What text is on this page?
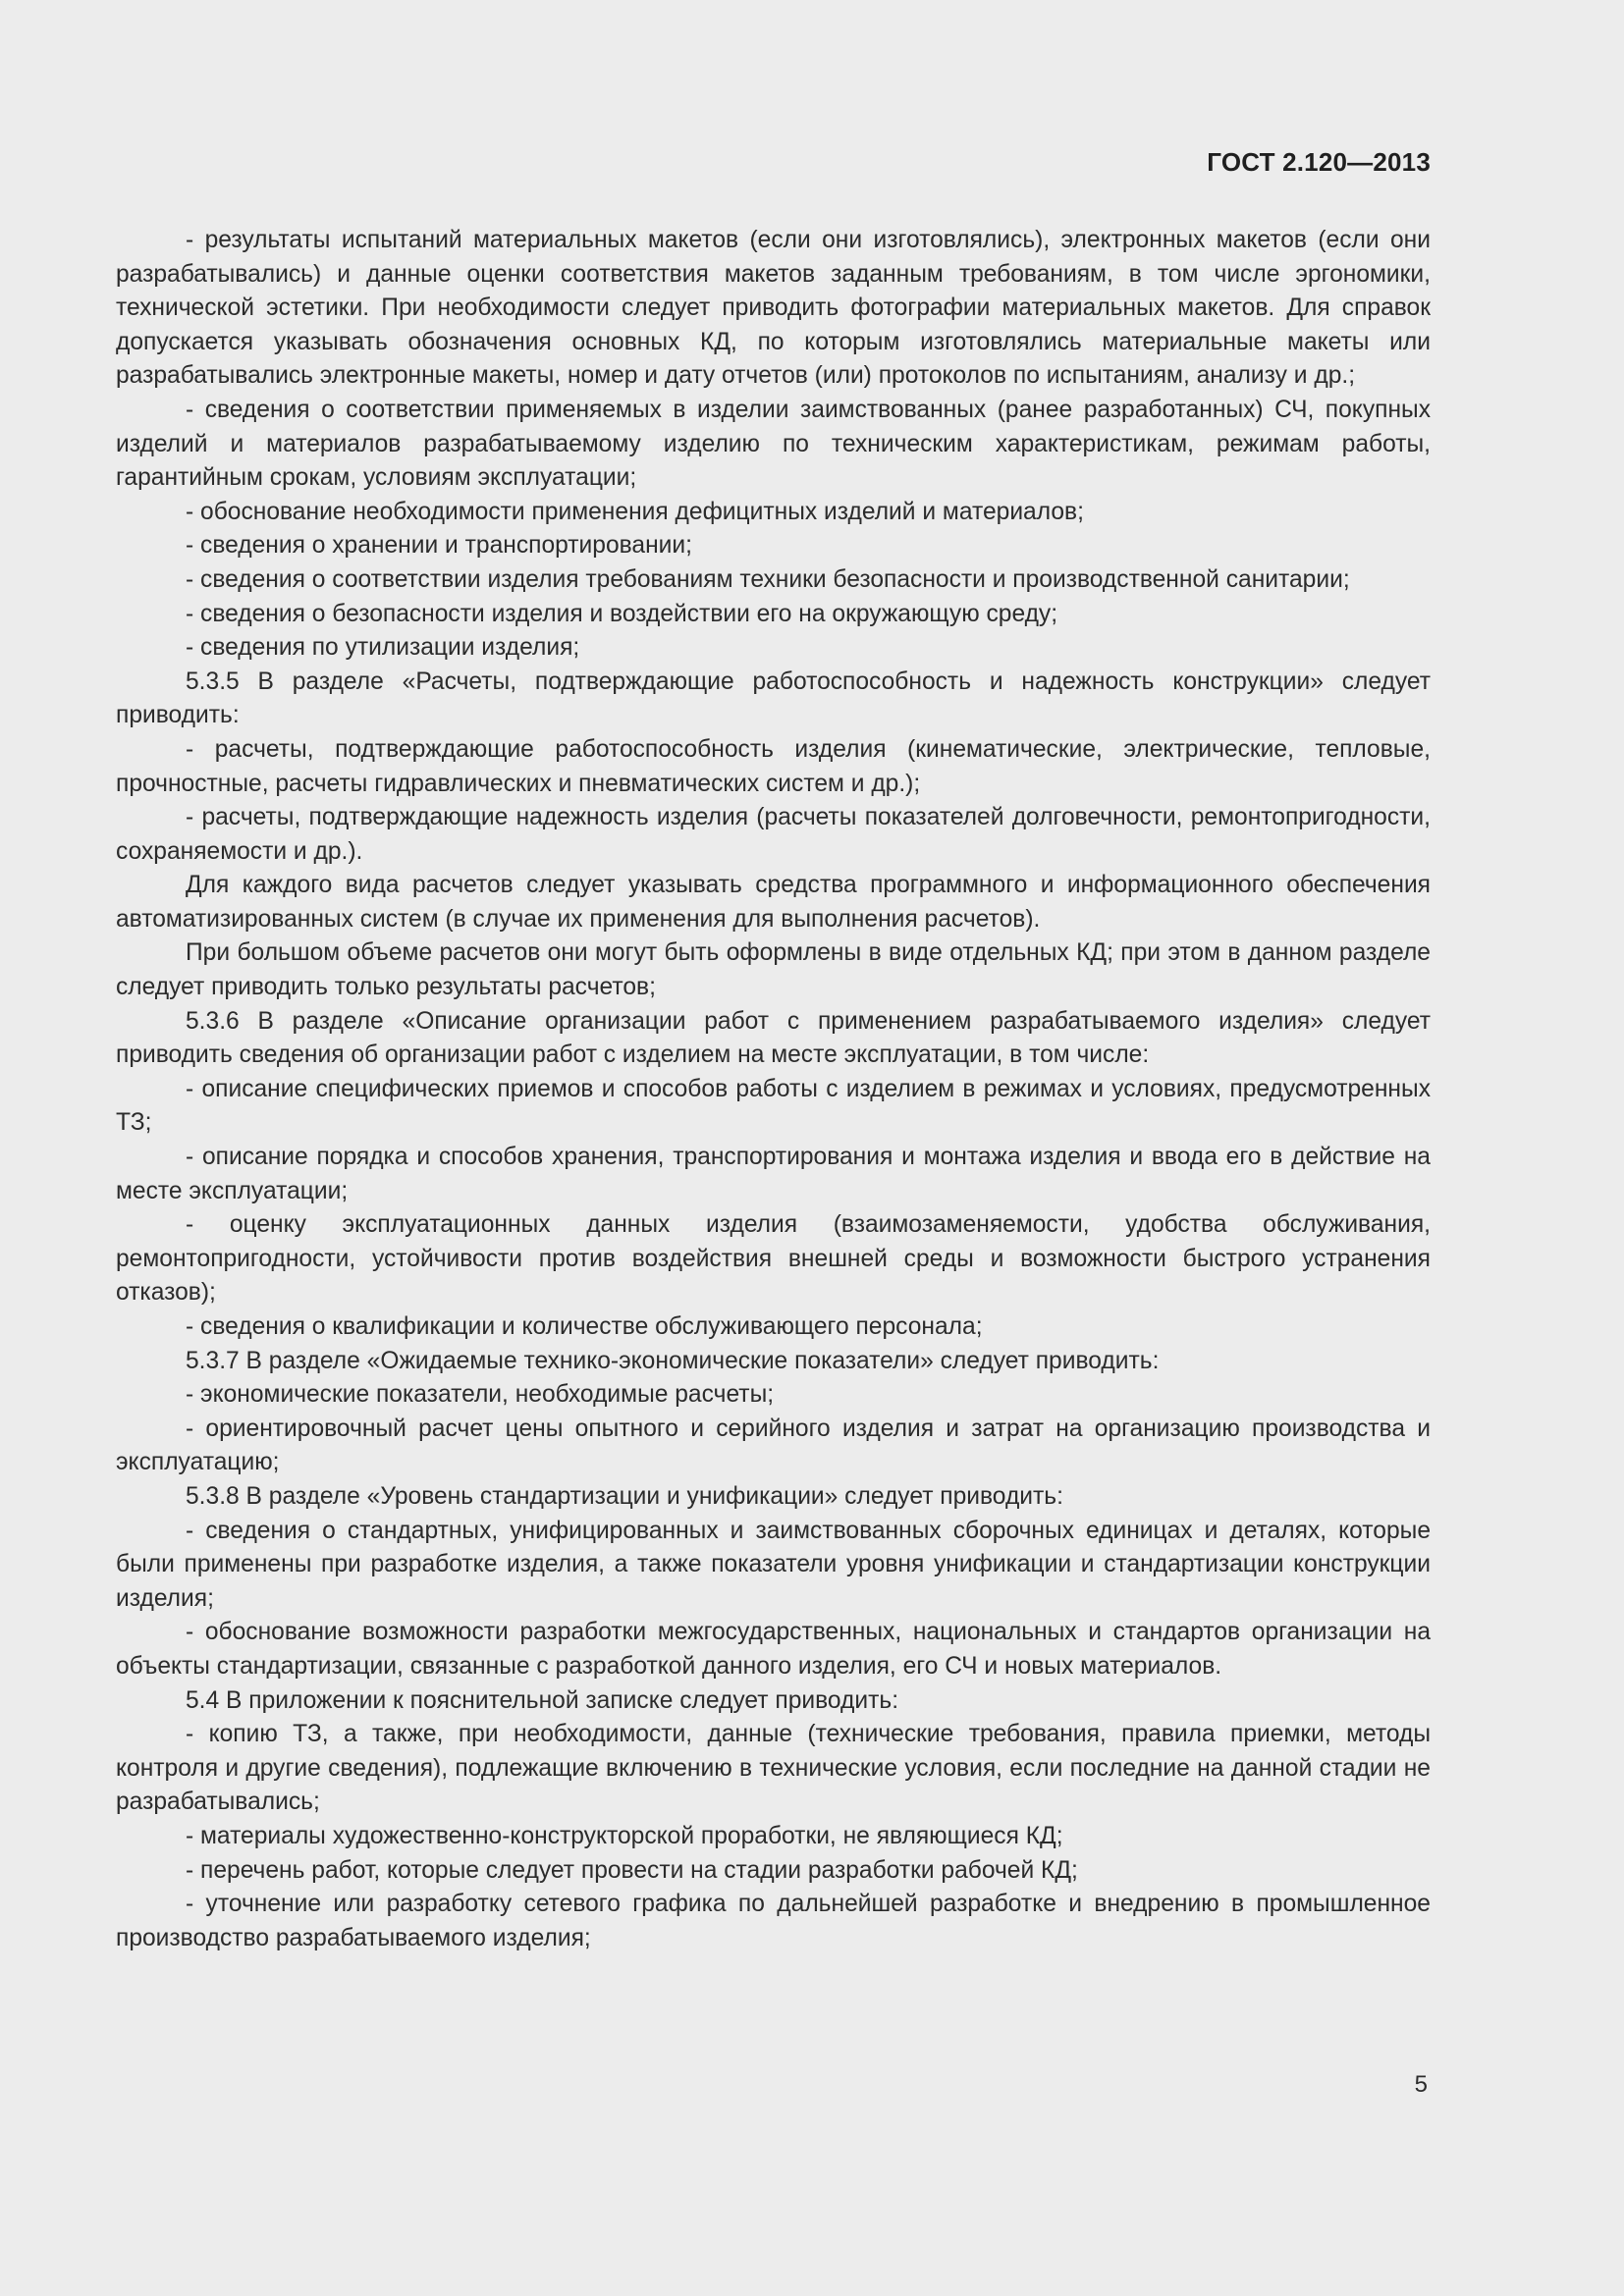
ГОСТ 2.120—2013

- результаты испытаний материальных макетов (если они изготовлялись), электронных макетов (если они разрабатывались) и данные оценки соответствия макетов заданным требованиям, в том числе эргономики, технической эстетики. При необходимости следует приводить фотографии материальных макетов. Для справок допускается указывать обозначения основных КД, по которым изготовлялись материальные макеты или разрабатывались электронные макеты, номер и дату отчетов (или) протоколов по испытаниям, анализу и др.;

- сведения о соответствии применяемых в изделии заимствованных (ранее разработанных) СЧ, покупных изделий и материалов разрабатываемому изделию по техническим характеристикам, режимам работы, гарантийным срокам, условиям эксплуатации;

- обоснование необходимости применения дефицитных изделий и материалов;

- сведения о хранении и транспортировании;

- сведения о соответствии изделия требованиям техники безопасности и производственной санитарии;

- сведения о безопасности изделия и воздействии его на окружающую среду;

- сведения по утилизации изделия;

5.3.5 В разделе «Расчеты, подтверждающие работоспособность и надежность конструкции» следует приводить:

- расчеты, подтверждающие работоспособность изделия (кинематические, электрические, тепловые, прочностные, расчеты гидравлических и пневматических систем и др.);

- расчеты, подтверждающие надежность изделия (расчеты показателей долговечности, ремонтопригодности, сохраняемости и др.).

Для каждого вида расчетов следует указывать средства программного и информационного обеспечения автоматизированных систем (в случае их применения для выполнения расчетов).

При большом объеме расчетов они могут быть оформлены в виде отдельных КД; при этом в данном разделе следует приводить только результаты расчетов;

5.3.6 В разделе «Описание организации работ с применением разрабатываемого изделия» следует приводить сведения об организации работ с изделием на месте эксплуатации, в том числе:

- описание специфических приемов и способов работы с изделием в режимах и условиях, предусмотренных ТЗ;

- описание порядка и способов хранения, транспортирования и монтажа изделия и ввода его в действие на месте эксплуатации;

- оценку эксплуатационных данных изделия (взаимозаменяемости, удобства обслуживания, ремонтопригодности, устойчивости против воздействия внешней среды и возможности быстрого устранения отказов);

- сведения о квалификации и количестве обслуживающего персонала;

5.3.7 В разделе «Ожидаемые технико-экономические показатели» следует приводить:

- экономические показатели, необходимые расчеты;

- ориентировочный расчет цены опытного и серийного изделия и затрат на организацию производства и эксплуатацию;

5.3.8 В разделе «Уровень стандартизации и унификации» следует приводить:

- сведения о стандартных, унифицированных и заимствованных сборочных единицах и деталях, которые были применены при разработке изделия, а также показатели уровня унификации и стандартизации конструкции изделия;

- обоснование возможности разработки межгосударственных, национальных и стандартов организации на объекты стандартизации, связанные с разработкой данного изделия, его СЧ и новых материалов.

5.4 В приложении к пояснительной записке следует приводить:

- копию ТЗ, а также, при необходимости, данные (технические требования, правила приемки, методы контроля и другие сведения), подлежащие включению в технические условия, если последние на данной стадии не разрабатывались;

- материалы художественно-конструкторской проработки, не являющиеся КД;

- перечень работ, которые следует провести на стадии разработки рабочей КД;

- уточнение или разработку сетевого графика по дальнейшей разработке и внедрению в промышленное производство разрабатываемого изделия;

5
